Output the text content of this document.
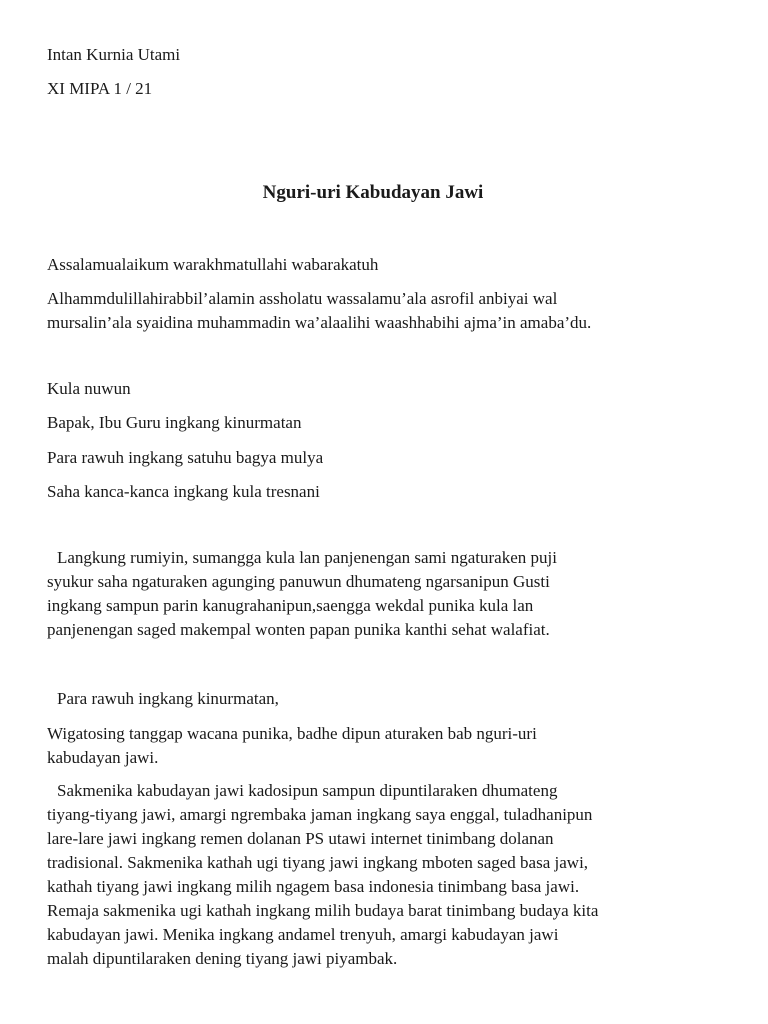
Intan Kurnia Utami
XI MIPA 1 / 21
Nguri-uri Kabudayan Jawi
Assalamualaikum warakhmatullahi wabarakatuh
Alhammdulillahirabbil’alamin assholatu wassalamu’ala asrofil anbiyai wal
mursalin’ala syaidina muhammadin wa’alaalihi waashhabihi ajma’in amaba’du.
Kula nuwun
Bapak, Ibu Guru ingkang kinurmatan
Para rawuh ingkang satuhu bagya mulya
Saha kanca-kanca ingkang kula tresnani
Langkung rumiyin, sumangga kula lan panjenengan sami ngaturaken puji
syukur saha ngaturaken agunging panuwun dhumateng ngarsanipun Gusti
ingkang sampun parin kanugrahanipun,saengga wekdal punika kula lan
panjenengan saged makempal wonten papan punika kanthi sehat walafiat.
Para rawuh ingkang kinurmatan,
Wigatosing tanggap wacana punika, badhe dipun aturaken bab nguri-uri
kabudayan jawi.
Sakmenika kabudayan jawi kadosipun sampun dipuntilaraken dhumateng
tiyang-tiyang jawi, amargi ngrembaka jaman ingkang saya enggal, tuladhanipun
lare-lare jawi ingkang remen dolanan PS utawi internet tinimbang dolanan
tradisional. Sakmenika kathah ugi tiyang jawi ingkang mboten saged basa jawi,
kathah tiyang jawi ingkang milih ngagem basa indonesia tinimbang basa jawi.
Remaja sakmenika ugi kathah ingkang milih budaya barat tinimbang budaya kita
kabudayan jawi. Menika ingkang andamel trenyuh, amargi kabudayan jawi
malah dipuntilaraken dening tiyang jawi piyambak.
